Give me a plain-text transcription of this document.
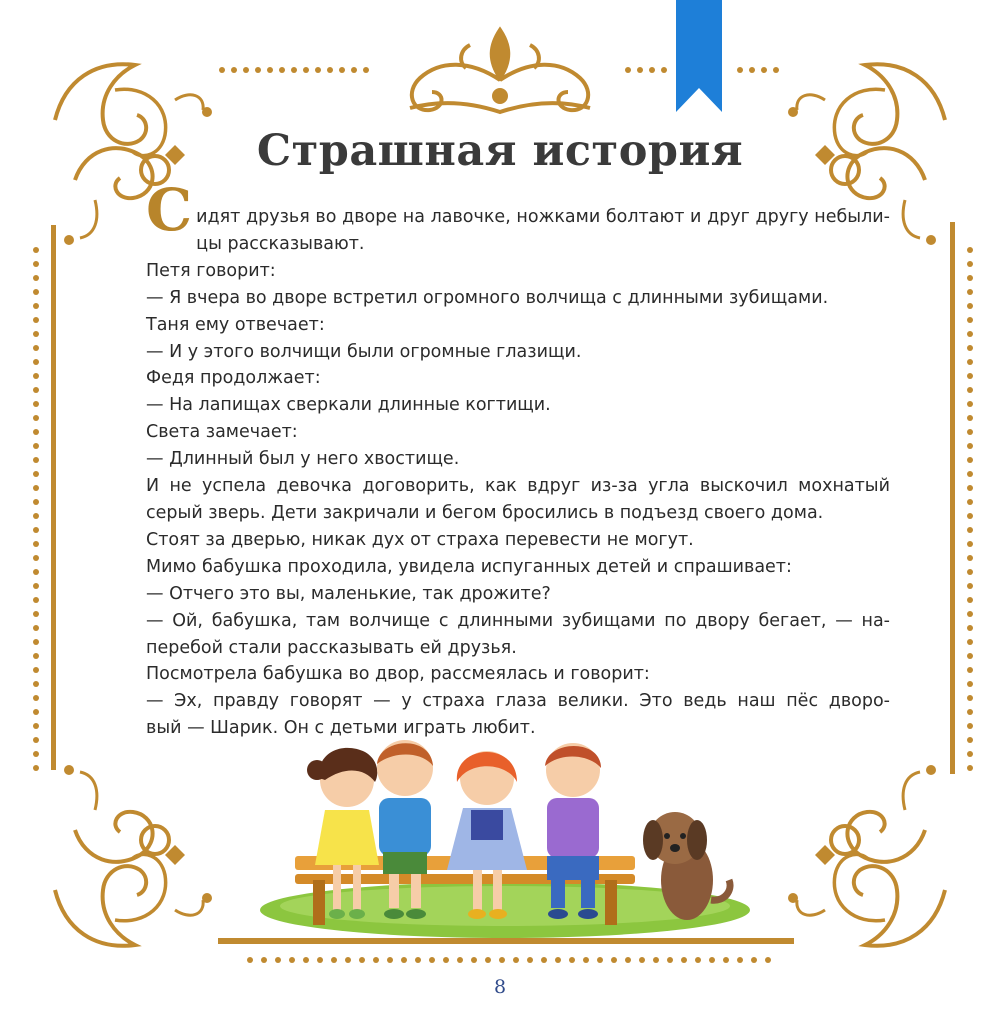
Страшная история
С идят друзья во дворе на лавочке, ножками болтают и друг другу небыли-
цы рассказывают.
Петя говорит:
— Я вчера во дворе встретил огромного волчища с длинными зубищами.
Таня ему отвечает:
— И у этого волчищи были огромные глазищи.
Федя продолжает:
— На лапищах сверкали длинные когтищи.
Света замечает:
— Длинный был у него хвостище.
И не успела девочка договорить, как вдруг из-за угла выскочил мохнатый
серый зверь. Дети закричали и бегом бросились в подъезд своего дома.
Стоят за дверью, никак дух от страха перевести не могут.
Мимо бабушка проходила, увидела испуганных детей и спрашивает:
— Отчего это вы, маленькие, так дрожите?
— Ой, бабушка, там волчище с длинными зубищами по двору бегает, — на-
перебой стали рассказывать ей друзья.
Посмотрела бабушка во двор, рассмеялась и говорит:
— Эх, правду говорят — у страха глаза велики. Это ведь наш пёс дворо-
вый — Шарик. Он с детьми играть любит.
8
